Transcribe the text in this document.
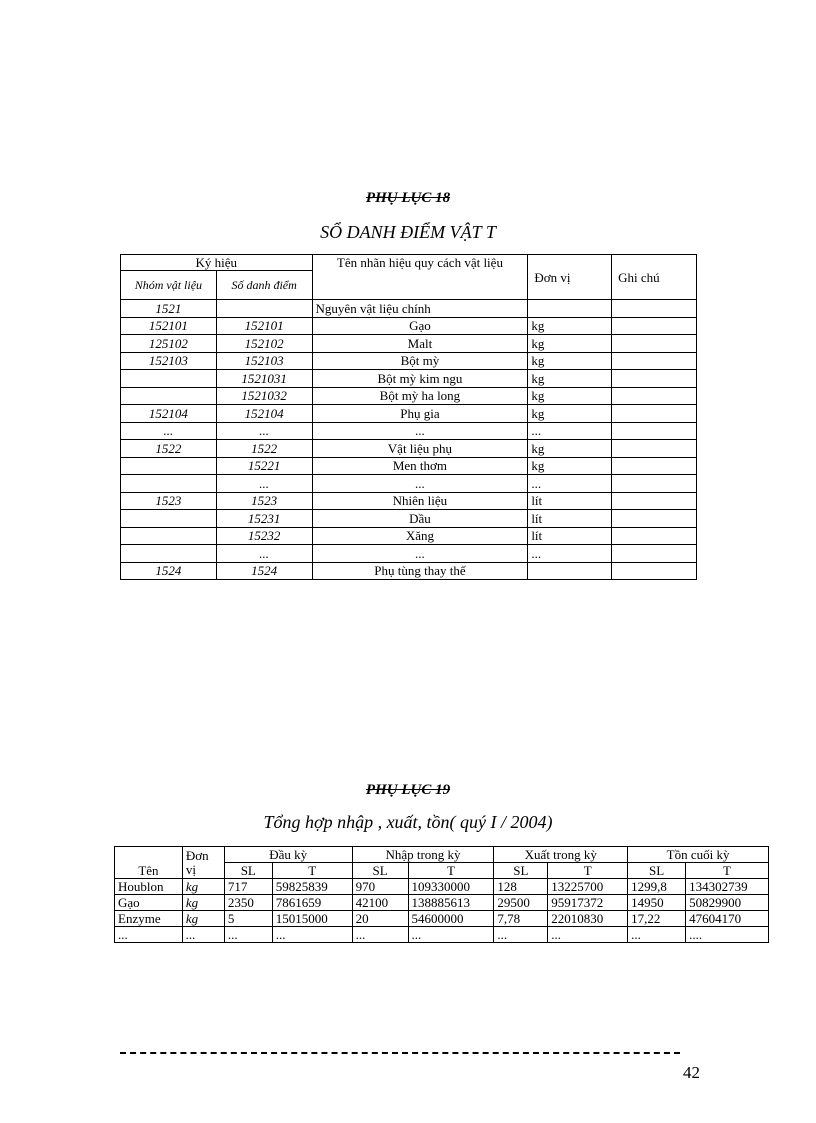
PHỤ LỤC 18
SỔ DANH ĐIỂM VẬT T
Ký hiệu		Tên nhãn hiệu quy cách vật liệu	Đơn vị	Ghi chú
Nhóm vật liệu	Số danh điểm			
1521		Nguyên vật liệu chính		
152101	152101	Gạo	kg	
125102	152102	Malt	kg	
152103	152103	Bột mỳ	kg	
	1521031	Bột mỳ kim ngu	kg	
	1521032	Bột mỳ ha long	kg	
152104	152104	Phụ gia	kg	
...	...	...	...	
1522	1522	Vật liệu phụ	kg	
	15221	Men thơm	kg	
	...	...	...	
1523	1523	Nhiên liệu	lít	
	15231	Dầu	lít	
	15232	Xăng	lít	
	...	...	...	
1524	1524	Phụ tùng thay thế		
PHỤ LỤC 19
Tổng hợp nhập , xuất, tồn( quý I / 2004)
Tên	Đơn vị	Đầu kỳ		Nhập trong kỳ		Xuất trong kỳ		Tồn cuối kỳ	
		SL	T	SL	T	SL	T	SL	T
Houblon	kg	717	59825839	970	109330000	128	13225700	1299,8	134302739
Gạo	kg	2350	7861659	42100	138885613	29500	95917372	14950	50829900
Enzyme	kg	5	15015000	20	54600000	7,78	22010830	17,22	47604170
...	...	...	...	...	...	...	...	...	....
42
